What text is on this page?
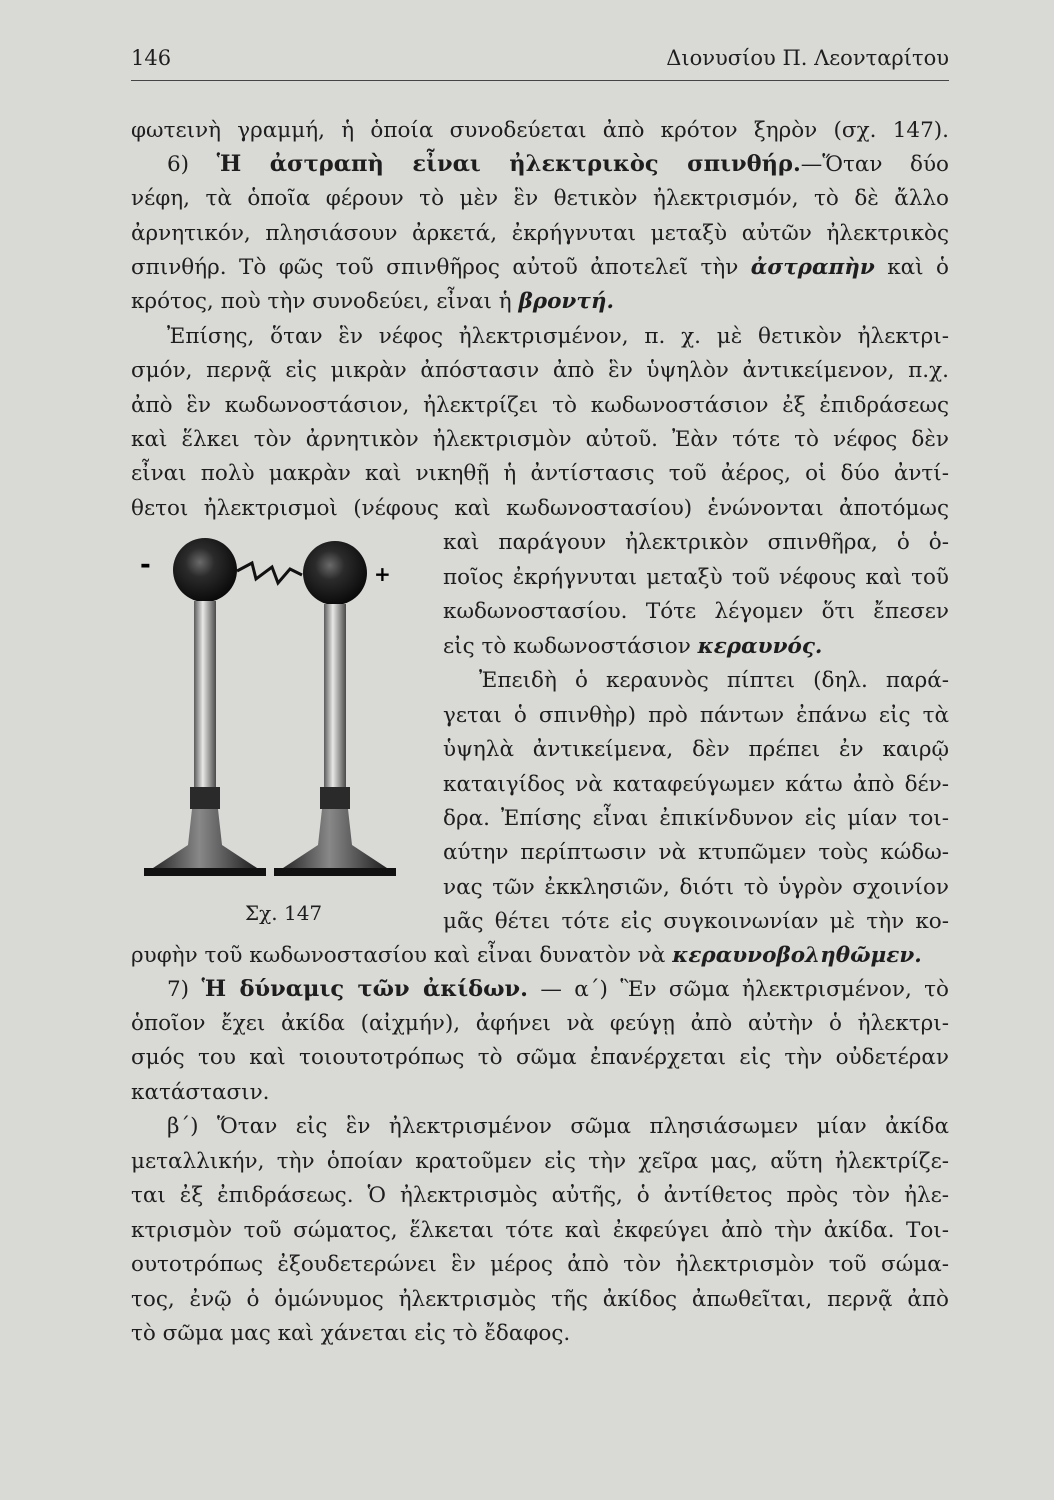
146	Διονυσίου Π. Λεονταρίτου
φωτεινὴ γραμμή, ἡ ὁποία συνοδεύεται ἀπὸ κρότον ξηρὸν (σχ. 147).
6) Ἡ ἀστραπὴ εἶναι ἠλεκτρικὸς σπινθήρ.—Ὅταν δύο
νέφη, τὰ ὁποῖα φέρουν τὸ μὲν ἓν θετικὸν ἠλεκτρισμόν, τὸ δὲ ἄλλο
ἀρνητικόν, πλησιάσουν ἀρκετά, ἐκρήγνυται μεταξὺ αὐτῶν ἠλεκτρικὸς
σπινθήρ. Τὸ φῶς τοῦ σπινθῆρος αὐτοῦ ἀποτελεῖ τὴν ἀστραπὴν καὶ ὁ
κρότος, ποὺ τὴν συνοδεύει, εἶναι ἡ βροντή.
Ἐπίσης, ὅταν ἓν νέφος ἠλεκτρισμένον, π. χ. μὲ θετικὸν ἠλεκτρι-
σμόν, περνᾷ εἰς μικρὰν ἀπόστασιν ἀπὸ ἓν ὑψηλὸν ἀντικείμενον, π.χ.
ἀπὸ ἓν κωδωνοστάσιον, ἠλεκτρίζει τὸ κωδωνοστάσιον ἐξ ἐπιδράσεως
καὶ ἕλκει τὸν ἀρνητικὸν ἠλεκτρισμὸν αὐτοῦ. Ἐὰν τότε τὸ νέφος δὲν
εἶναι πολὺ μακρὰν καὶ νικηθῇ ἡ ἀντίστασις τοῦ ἀέρος, οἱ δύο ἀντί-
θετοι ἠλεκτρισμοὶ (νέφους καὶ κωδωνοστασίου) ἑνώνονται ἀποτόμως
καὶ παράγουν ἠλεκτρικὸν σπινθῆρα, ὁ ὁ-
ποῖος ἐκρήγνυται μεταξὺ τοῦ νέφους καὶ τοῦ
κωδωνοστασίου. Τότε λέγομεν ὅτι ἔπεσεν
εἰς τὸ κωδωνοστάσιον κεραυνός.
Ἐπειδὴ ὁ κεραυνὸς πίπτει (δηλ. παρά-
γεται ὁ σπινθὴρ) πρὸ πάντων ἐπάνω εἰς τὰ
ὑψηλὰ ἀντικείμενα, δὲν πρέπει ἐν καιρῷ
καταιγίδος νὰ καταφεύγωμεν κάτω ἀπὸ δέν-
δρα. Ἐπίσης εἶναι ἐπικίνδυνον εἰς μίαν τοι-
αύτην περίπτωσιν νὰ κτυπῶμεν τοὺς κώδω-
νας τῶν ἐκκλησιῶν, διότι τὸ ὑγρὸν σχοινίον
μᾶς θέτει τότε εἰς συγκοινωνίαν μὲ τὴν κο-
-	+
Σχ. 147
ρυφὴν τοῦ κωδωνοστασίου καὶ εἶναι δυνατὸν νὰ κεραυνοβοληθῶμεν.
7) Ἡ δύναμις τῶν ἀκίδων. — α΄) Ἓν σῶμα ἠλεκτρισμένον, τὸ
ὁποῖον ἔχει ἀκίδα (αἰχμήν), ἀφήνει νὰ φεύγῃ ἀπὸ αὐτὴν ὁ ἠλεκτρι-
σμός του καὶ τοιουτοτρόπως τὸ σῶμα ἐπανέρχεται εἰς τὴν οὐδετέραν
κατάστασιν.
β΄) Ὅταν εἰς ἓν ἠλεκτρισμένον σῶμα πλησιάσωμεν μίαν ἀκίδα
μεταλλικήν, τὴν ὁποίαν κρατοῦμεν εἰς τὴν χεῖρα μας, αὕτη ἠλεκτρίζε-
ται ἐξ ἐπιδράσεως. Ὁ ἠλεκτρισμὸς αὐτῆς, ὁ ἀντίθετος πρὸς τὸν ἠλε-
κτρισμὸν τοῦ σώματος, ἕλκεται τότε καὶ ἐκφεύγει ἀπὸ τὴν ἀκίδα. Τοι-
ουτοτρόπως ἐξουδετερώνει ἓν μέρος ἀπὸ τὸν ἠλεκτρισμὸν τοῦ σώμα-
τος, ἐνῷ ὁ ὁμώνυμος ἠλεκτρισμὸς τῆς ἀκίδος ἀπωθεῖται, περνᾷ ἀπὸ
τὸ σῶμα μας καὶ χάνεται εἰς τὸ ἔδαφος.
